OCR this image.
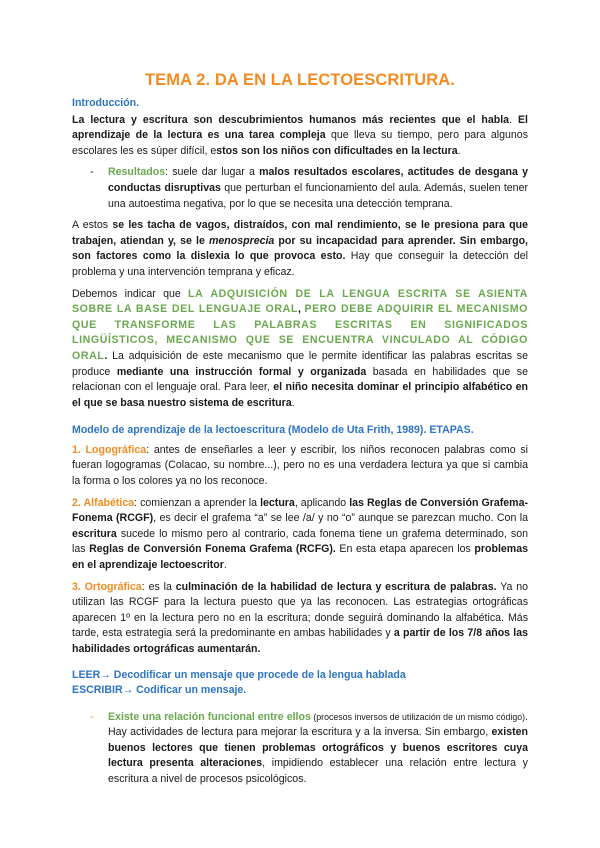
TEMA 2. DA EN LA LECTOESCRITURA.
Introducción.

La lectura y escritura son descubrimientos humanos más recientes que el habla. El aprendizaje de la lectura es una tarea compleja que lleva su tiempo, pero para algunos escolares les es súper difícil, estos son los niños con dificultades en la lectura.

- Resultados: suele dar lugar a malos resultados escolares, actitudes de desgana y conductas disruptivas que perturban el funcionamiento del aula. Además, suelen tener una autoestima negativa, por lo que se necesita una detección temprana.

A estos se les tacha de vagos, distraídos, con mal rendimiento, se le presiona para que trabajen, atiendan y, se le menosprecia por su incapacidad para aprender. Sin embargo, son factores como la dislexia lo que provoca esto. Hay que conseguir la detección del problema y una intervención temprana y eficaz.

Debemos indicar que LA ADQUISICIÓN DE LA LENGUA ESCRITA SE ASIENTA SOBRE LA BASE DEL LENGUAJE ORAL, PERO DEBE ADQUIRIR EL MECANISMO QUE TRANSFORME LAS PALABRAS ESCRITAS EN SIGNIFICADOS LINGÜÍSTICOS, MECANISMO QUE SE ENCUENTRA VINCULADO AL CÓDIGO ORAL. La adquisición de este mecanismo que le permite identificar las palabras escritas se produce mediante una instrucción formal y organizada basada en habilidades que se relacionan con el lenguaje oral. Para leer, el niño necesita dominar el principio alfabético en el que se basa nuestro sistema de escritura.

Modelo de aprendizaje de la lectoescritura (Modelo de Uta Frith, 1989). ETAPAS.

1. Logográfica: antes de enseñarles a leer y escribir, los niños reconocen palabras como si fueran logogramas (Colacao, su nombre...), pero no es una verdadera lectura ya que si cambia la forma o los colores ya no los reconoce.

2. Alfabética: comienzan a aprender la lectura, aplicando las Reglas de Conversión Grafema-Fonema (RCGF), es decir el grafema “a” se lee /a/ y no “o” aunque se parezcan mucho. Con la escritura sucede lo mismo pero al contrario, cada fonema tiene un grafema determinado, son las Reglas de Conversión Fonema Grafema (RCFG). En esta etapa aparecen los problemas en el aprendizaje lectoescritor.

3. Ortográfica: es la culminación de la habilidad de lectura y escritura de palabras. Ya no utilizan las RCGF para la lectura puesto que ya las reconocen. Las estrategias ortográficas aparecen 1º en la lectura pero no en la escritura; donde seguirá dominando la alfabética. Más tarde, esta estrategia será la predominante en ambas habilidades y a partir de los 7/8 años las habilidades ortográficas aumentarán.

LEER→ Decodificar un mensaje que procede de la lengua hablada
ESCRIBIR→ Codificar un mensaje.
- Existe una relación funcional entre ellos (procesos inversos de utilización de un mismo código). Hay actividades de lectura para mejorar la escritura y a la inversa. Sin embargo, existen buenos lectores que tienen problemas ortográficos y buenos escritores cuya lectura presenta alteraciones, impidiendo establecer una relación entre lectura y escritura a nivel de procesos psicológicos.
